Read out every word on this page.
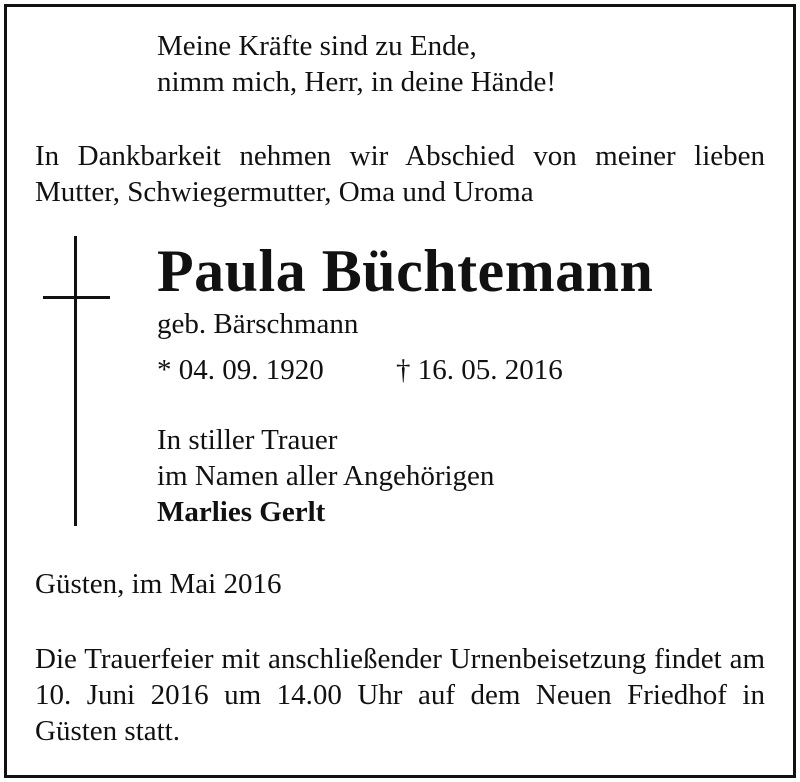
Meine Kräfte sind zu Ende,
nimm mich, Herr, in deine Hände!
In Dankbarkeit nehmen wir Abschied von meiner lieben Mutter, Schwiegermutter, Oma und Uroma
Paula Büchtemann
geb. Bärschmann
* 04. 09. 1920 † 16. 05. 2016
In stiller Trauer
im Namen aller Angehörigen
Marlies Gerlt
Güsten, im Mai 2016
Die Trauerfeier mit anschließender Urnenbeisetzung findet am 10. Juni 2016 um 14.00 Uhr auf dem Neuen Friedhof in Güsten statt.
